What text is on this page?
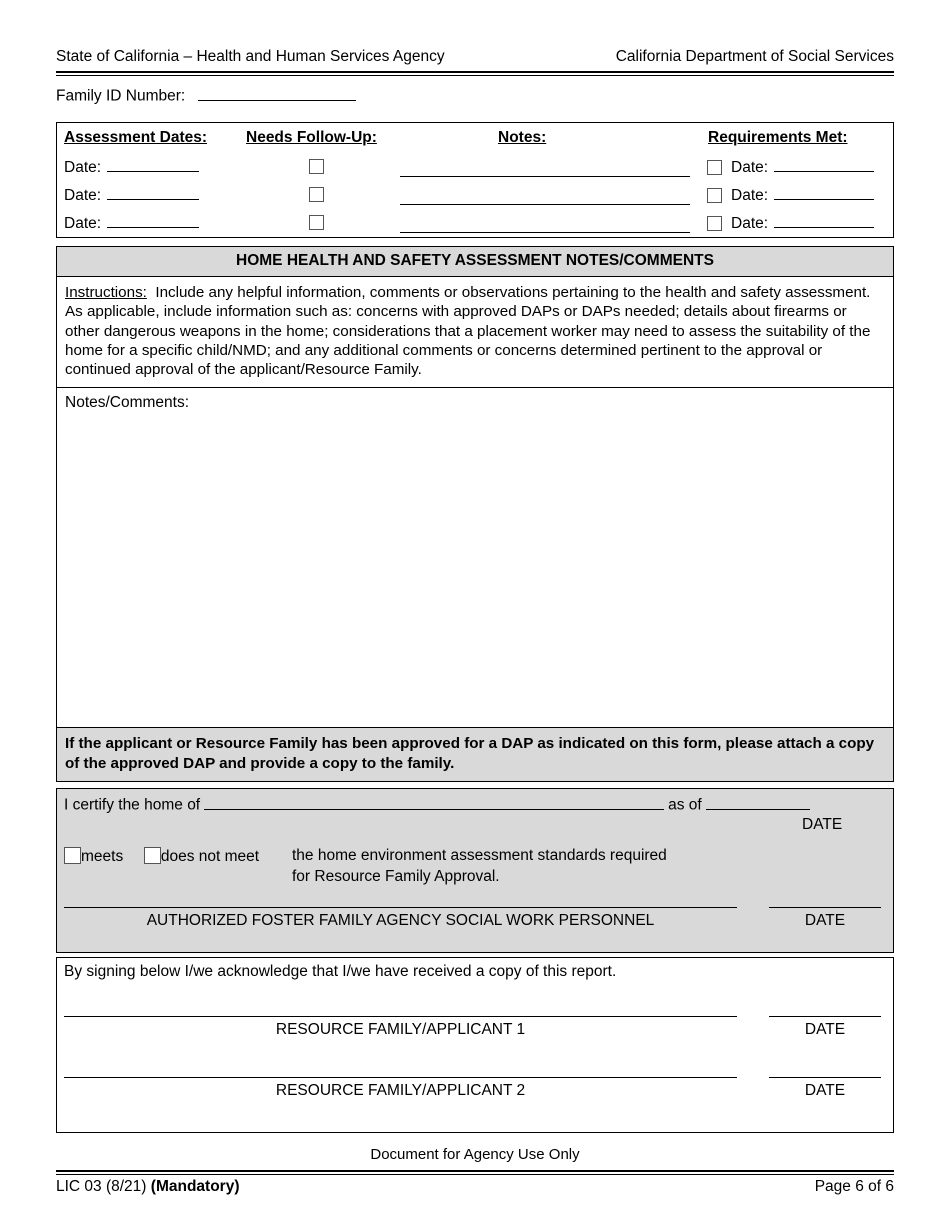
State of California – Health and Human Services Agency	California Department of Social Services
Family ID Number:
Assessment Dates:	Needs Follow-Up:	Notes:	Requirements Met:
Date:	Date:
Date:	Date:
Date:	Date:
HOME HEALTH AND SAFETY ASSESSMENT NOTES/COMMENTS
Instructions: Include any helpful information, comments or observations pertaining to the health and safety assessment. As applicable, include information such as: concerns with approved DAPs or DAPs needed; details about firearms or other dangerous weapons in the home; considerations that a placement worker may need to assess the suitability of the home for a specific child/NMD; and any additional comments or concerns determined pertinent to the approval or continued approval of the applicant/Resource Family.
Notes/Comments:
If the applicant or Resource Family has been approved for a DAP as indicated on this form, please attach a copy of the approved DAP and provide a copy to the family.
I certify the home of	as of
DATE
meets does not meet the home environment assessment standards required
for Resource Family Approval.
AUTHORIZED FOSTER FAMILY AGENCY SOCIAL WORK PERSONNEL	DATE
By signing below I/we acknowledge that I/we have received a copy of this report.
RESOURCE FAMILY/APPLICANT 1	DATE
RESOURCE FAMILY/APPLICANT 2	DATE
Document for Agency Use Only
LIC 03 (8/21) (Mandatory)	Page 6 of 6
